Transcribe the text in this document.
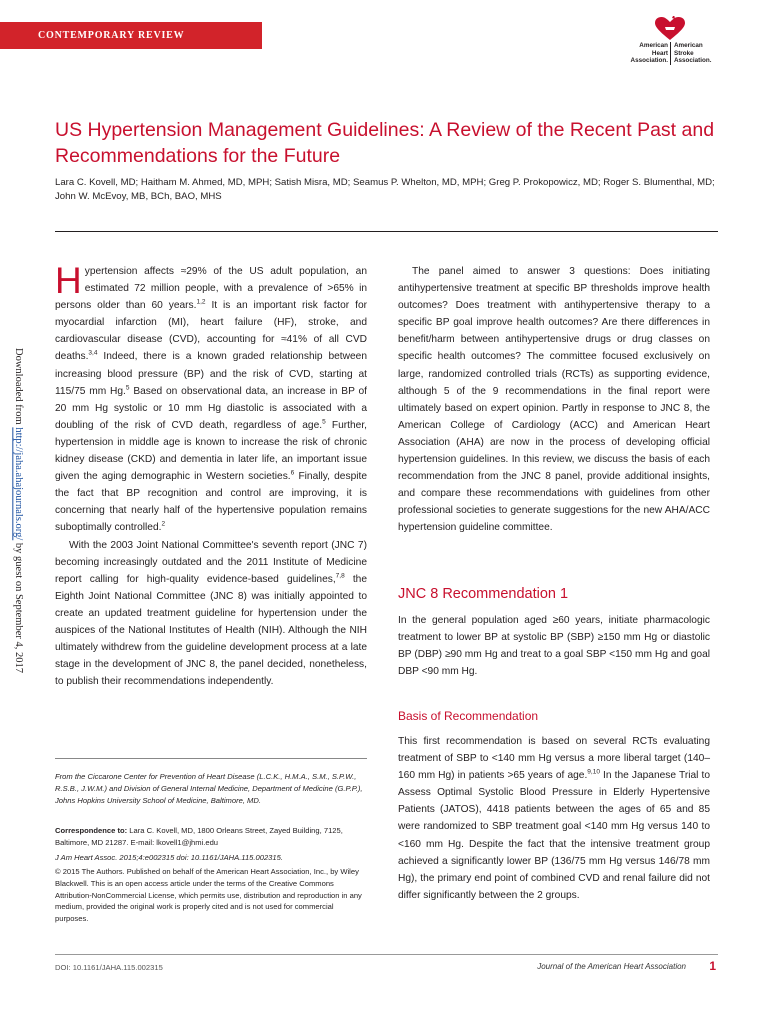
CONTEMPORARY REVIEW
American
Heart
Association.
American
Stroke
Association.
US Hypertension Management Guidelines: A Review of the Recent Past and Recommendations for the Future
Lara C. Kovell, MD; Haitham M. Ahmed, MD, MPH; Satish Misra, MD; Seamus P. Whelton, MD, MPH; Greg P. Prokopowicz, MD; Roger S. Blumenthal, MD; John W. McEvoy, MB, BCh, BAO, MHS
Downloaded from http://jaha.ahajournals.org/ by guest on September 4, 2017

Hypertension affects ≈29% of the US adult population, an estimated 72 million people, with a prevalence of >65% in persons older than 60 years.$^{1,2}$ It is an important risk factor for myocardial infarction (MI), heart failure (HF), stroke, and cardiovascular disease (CVD), accounting for ≈41% of all CVD deaths.$^{3,4}$ Indeed, there is a known graded relationship between increasing blood pressure (BP) and the risk of CVD, starting at 115/75 mm Hg.$^5$ Based on observational data, an increase in BP of 20 mm Hg systolic or 10 mm Hg diastolic is associated with a doubling of the risk of CVD death, regardless of age.$^5$ Further, hypertension in middle age is known to increase the risk of chronic kidney disease (CKD) and dementia in later life, an important issue given the aging demographic in Western societies.$^6$ Finally, despite the fact that BP recognition and control are improving, it is concerning that nearly half of the hypertensive population remains suboptimally controlled.$^2$

With the 2003 Joint National Committee's seventh report (JNC 7) becoming increasingly outdated and the 2011 Institute of Medicine report calling for high-quality evidence-based guidelines,$^{7,8}$ the Eighth Joint National Committee (JNC 8) was initially appointed to create an updated treatment guideline for hypertension under the auspices of the National Institutes of Health (NIH). Although the NIH ultimately withdrew from the guideline development process at a late stage in the development of JNC 8, the panel decided, nonetheless, to publish their recommendations independently.

From the Ciccarone Center for Prevention of Heart Disease (L.C.K., H.M.A., S.M., S.P.W., R.S.B., J.W.M.) and Division of General Internal Medicine, Department of Medicine (G.P.P.), Johns Hopkins University School of Medicine, Baltimore, MD.
Correspondence to: Lara C. Kovell, MD, 1800 Orleans Street, Zayed Building, 7125, Baltimore, MD 21287. E-mail: lkovell1@jhmi.edu
J Am Heart Assoc. 2015;4:e002315 doi: 10.1161/JAHA.115.002315.
© 2015 The Authors. Published on behalf of the American Heart Association, Inc., by Wiley Blackwell. This is an open access article under the terms of the Creative Commons Attribution-NonCommercial License, which permits use, distribution and reproduction in any medium, provided the original work is properly cited and is not used for commercial purposes.

The panel aimed to answer 3 questions: Does initiating antihypertensive treatment at specific BP thresholds improve health outcomes? Does treatment with antihypertensive therapy to a specific BP goal improve health outcomes? Are there differences in benefit/harm between antihypertensive drugs or drug classes on specific health outcomes? The committee focused exclusively on large, randomized controlled trials (RCTs) as supporting evidence, although 5 of the 9 recommendations in the final report were ultimately based on expert opinion. Partly in response to JNC 8, the American College of Cardiology (ACC) and American Heart Association (AHA) are now in the process of developing official hypertension guidelines. In this review, we discuss the basis of each recommendation from the JNC 8 panel, provide additional insights, and compare these recommendations with guidelines from other professional societies to generate suggestions for the new AHA/ACC hypertension guideline committee.

JNC 8 Recommendation 1
In the general population aged ≥60 years, initiate pharmacologic treatment to lower BP at systolic BP (SBP) ≥150 mm Hg or diastolic BP (DBP) ≥90 mm Hg and treat to a goal SBP <150 mm Hg and goal DBP <90 mm Hg.
Basis of Recommendation
This first recommendation is based on several RCTs evaluating treatment of SBP to <140 mm Hg versus a more liberal target (140–160 mm Hg) in patients >65 years of age.$^{9,10}$ In the Japanese Trial to Assess Optimal Systolic Blood Pressure in Elderly Hypertensive Patients (JATOS), 4418 patients between the ages of 65 and 85 were randomized to SBP treatment goal <140 mm Hg versus 140 to <160 mm Hg. Despite the fact that the intensive treatment group achieved a significantly lower BP (136/75 mm Hg versus 146/78 mm Hg), the primary end point of combined CVD and renal failure did not differ significantly between the 2 groups.
DOI: 10.1161/JAHA.115.002315	Journal of the American Heart Association	1
